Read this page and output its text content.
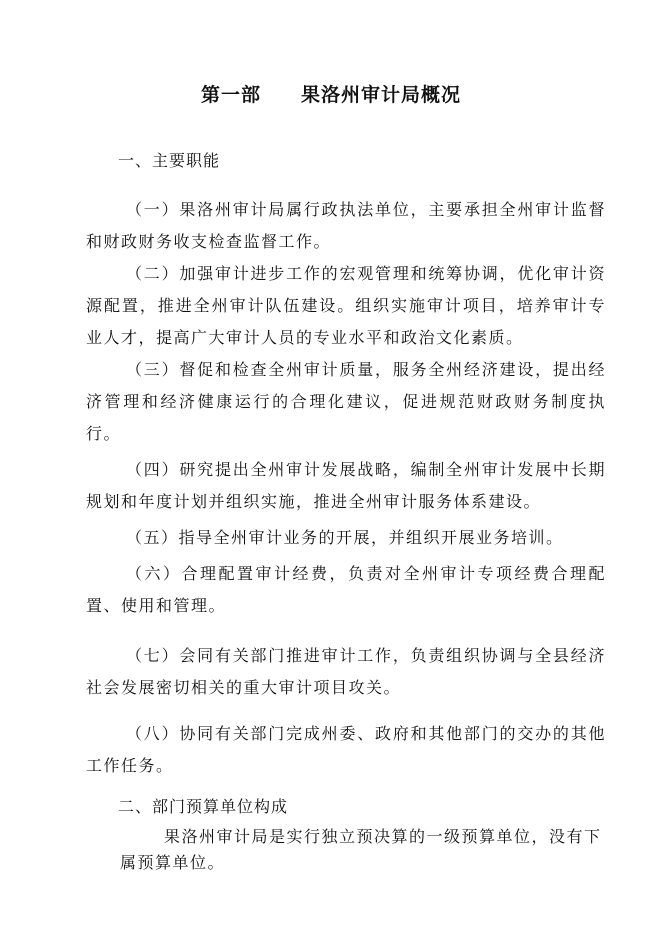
第一部 果洛州审计局概况
一、主要职能
（一）果洛州审计局属行政执法单位，主要承担全州审计监督和财政财务收支检查监督工作。
（二）加强审计进步工作的宏观管理和统筹协调，优化审计资源配置，推进全州审计队伍建设。组织实施审计项目，培养审计专业人才，提高广大审计人员的专业水平和政治文化素质。
（三）督促和检查全州审计质量，服务全州经济建设，提出经济管理和经济健康运行的合理化建议，促进规范财政财务制度执行。
（四）研究提出全州审计发展战略，编制全州审计发展中长期规划和年度计划并组织实施，推进全州审计服务体系建设。
（五）指导全州审计业务的开展，并组织开展业务培训。
（六）合理配置审计经费，负责对全州审计专项经费合理配置、使用和管理。
（七）会同有关部门推进审计工作，负责组织协调与全县经济社会发展密切相关的重大审计项目攻关。
（八）协同有关部门完成州委、政府和其他部门的交办的其他工作任务。
二、部门预算单位构成
果洛州审计局是实行独立预决算的一级预算单位，没有下属预算单位。
